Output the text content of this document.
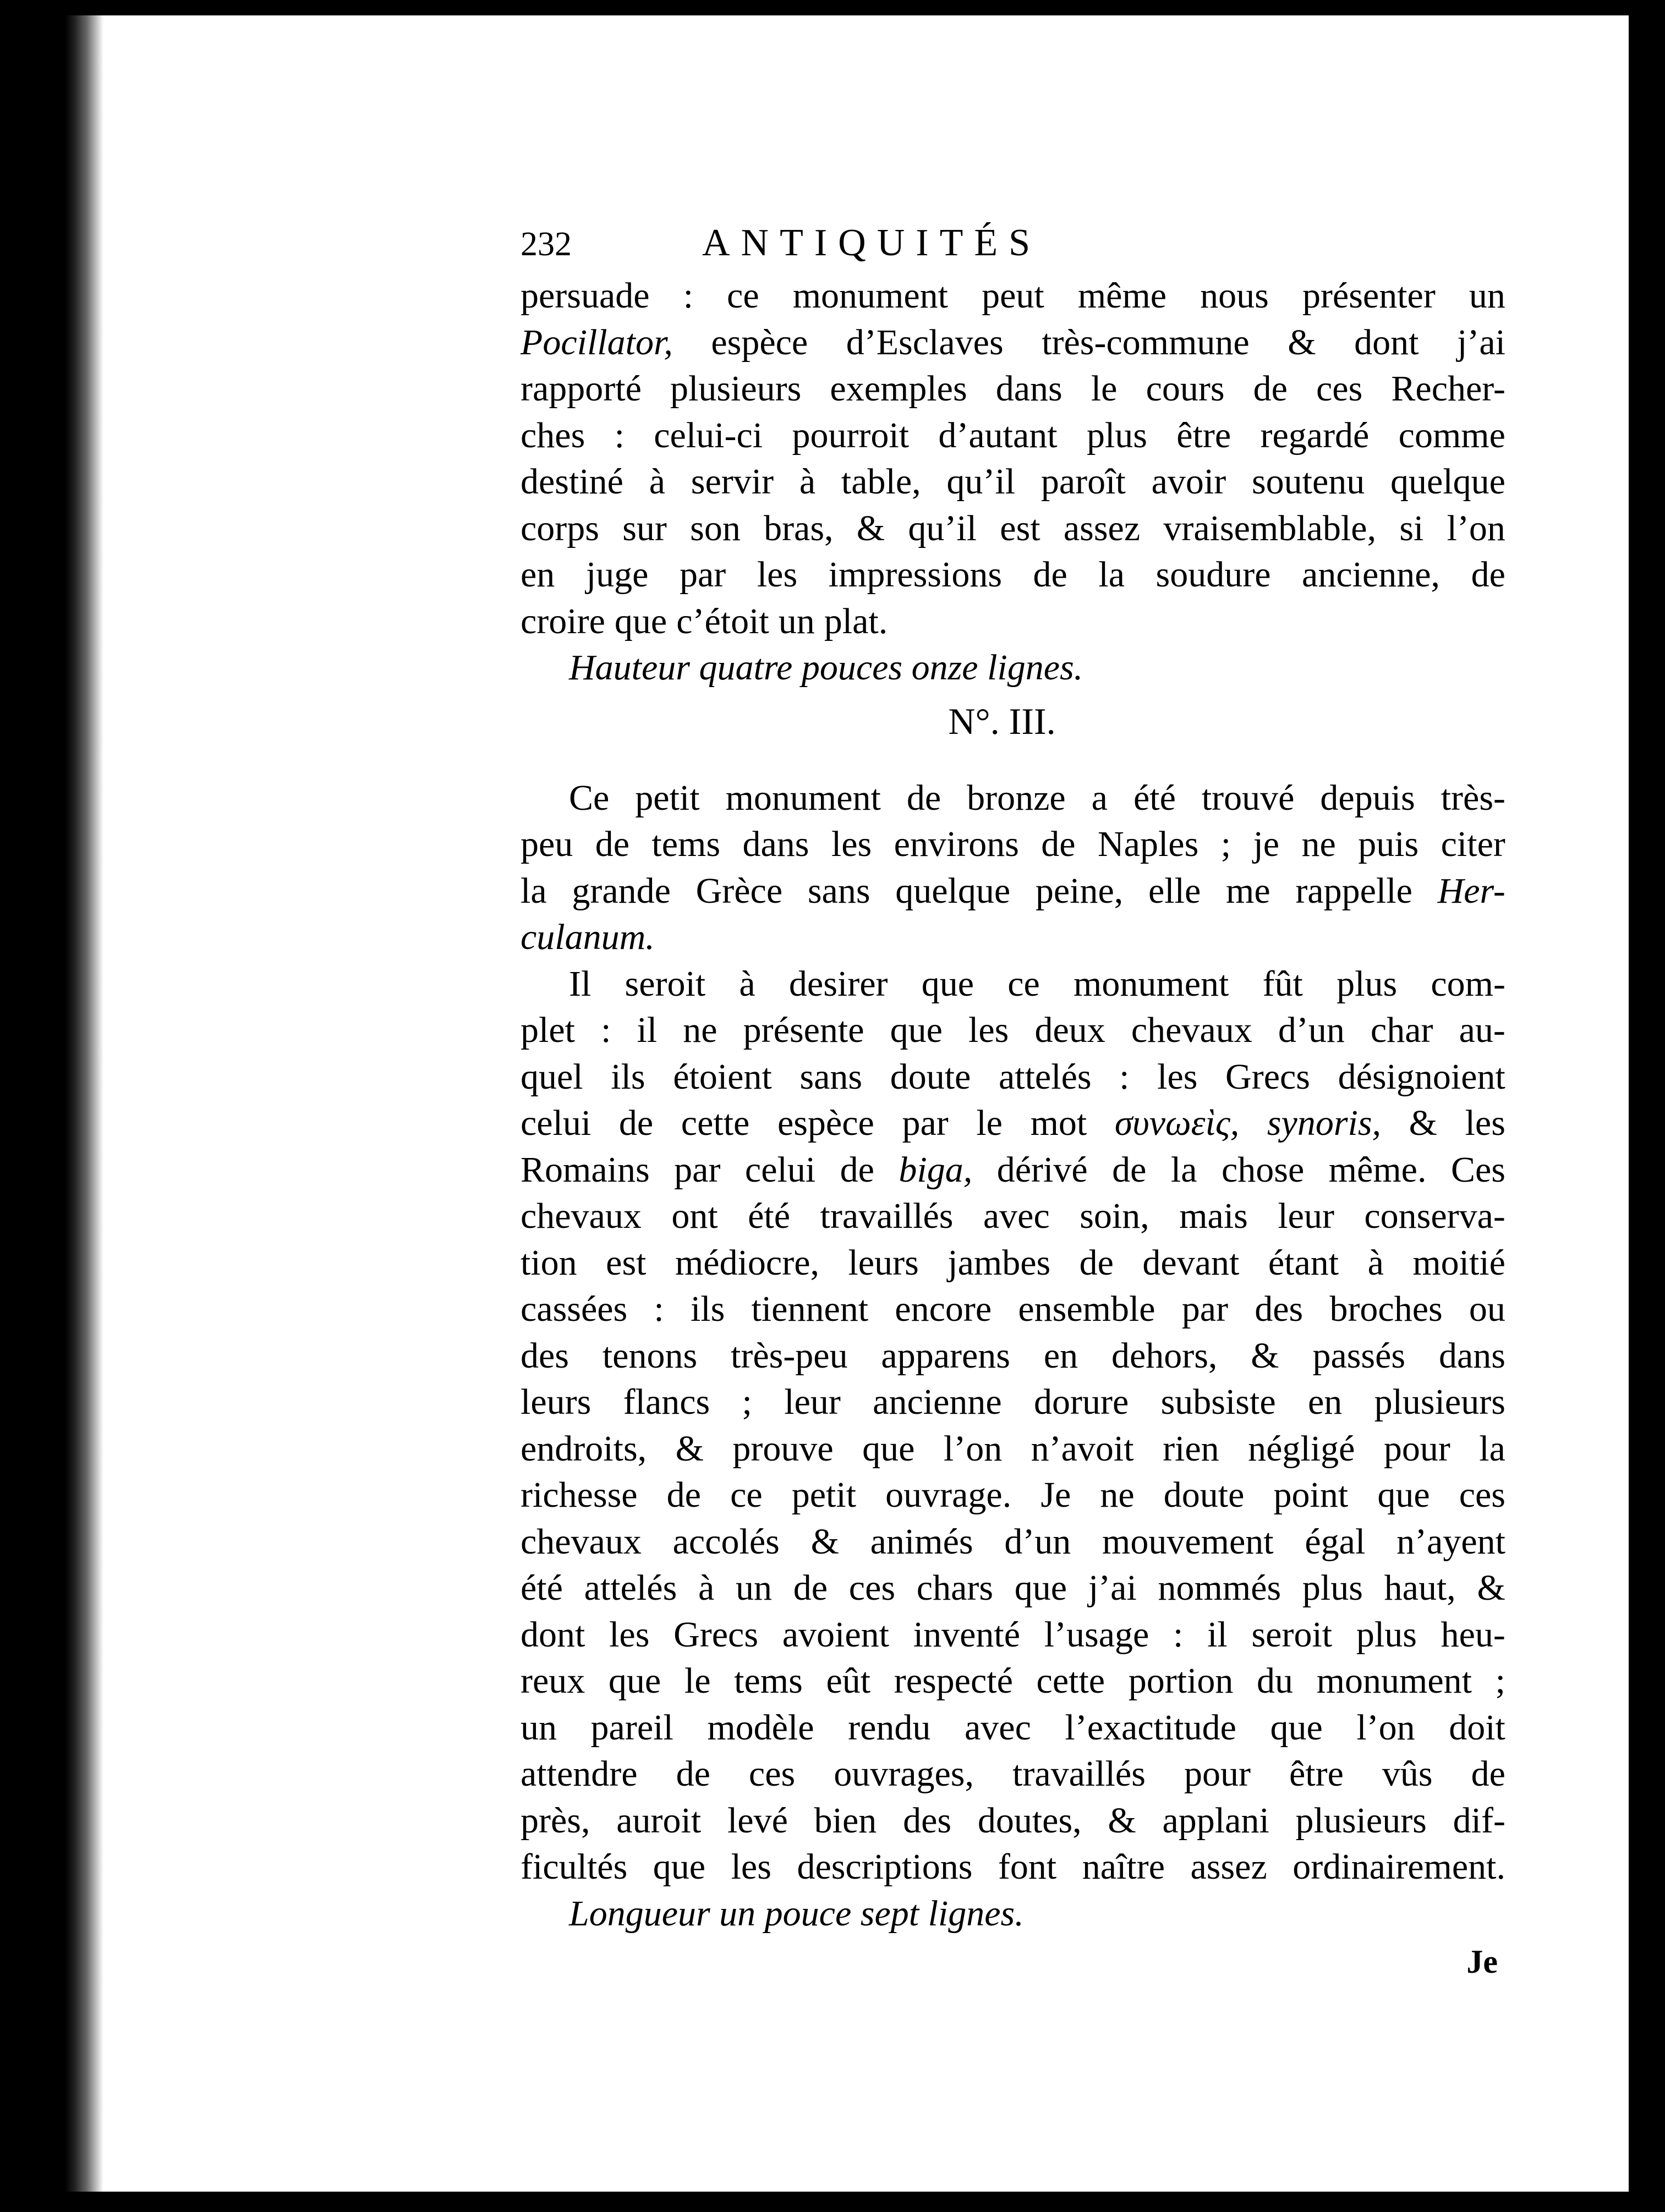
232	ANTIQUITÉS
persuade : ce monument peut même nous présenter un
Pocillator, espèce d’Esclaves très-commune & dont j’ai
rapporté plusieurs exemples dans le cours de ces Recher-
ches : celui-ci pourroit d’autant plus être regardé comme
destiné à servir à table, qu’il paroît avoir soutenu quelque
corps sur son bras, & qu’il est assez vraisemblable, si l’on
en juge par les impressions de la soudure ancienne, de
croire que c’étoit un plat.
Hauteur quatre pouces onze lignes.
N°. III.
Ce petit monument de bronze a été trouvé depuis très-
peu de tems dans les environs de Naples ; je ne puis citer
la grande Grèce sans quelque peine, elle me rappelle Her-
culanum.
Il seroit à desirer que ce monument fût plus com-
plet : il ne présente que les deux chevaux d’un char au-
quel ils étoient sans doute attelés : les Grecs désignoient
celui de cette espèce par le mot συνωεὶς, synoris, & les
Romains par celui de biga, dérivé de la chose même. Ces
chevaux ont été travaillés avec soin, mais leur conserva-
tion est médiocre, leurs jambes de devant étant à moitié
cassées : ils tiennent encore ensemble par des broches ou
des tenons très-peu apparens en dehors, & passés dans
leurs flancs ; leur ancienne dorure subsiste en plusieurs
endroits, & prouve que l’on n’avoit rien négligé pour la
richesse de ce petit ouvrage. Je ne doute point que ces
chevaux accolés & animés d’un mouvement égal n’ayent
été attelés à un de ces chars que j’ai nommés plus haut, &
dont les Grecs avoient inventé l’usage : il seroit plus heu-
reux que le tems eût respecté cette portion du monument ;
un pareil modèle rendu avec l’exactitude que l’on doit
attendre de ces ouvrages, travaillés pour être vûs de
près, auroit levé bien des doutes, & applani plusieurs dif-
ficultés que les descriptions font naître assez ordinairement.
Longueur un pouce sept lignes.
Je
